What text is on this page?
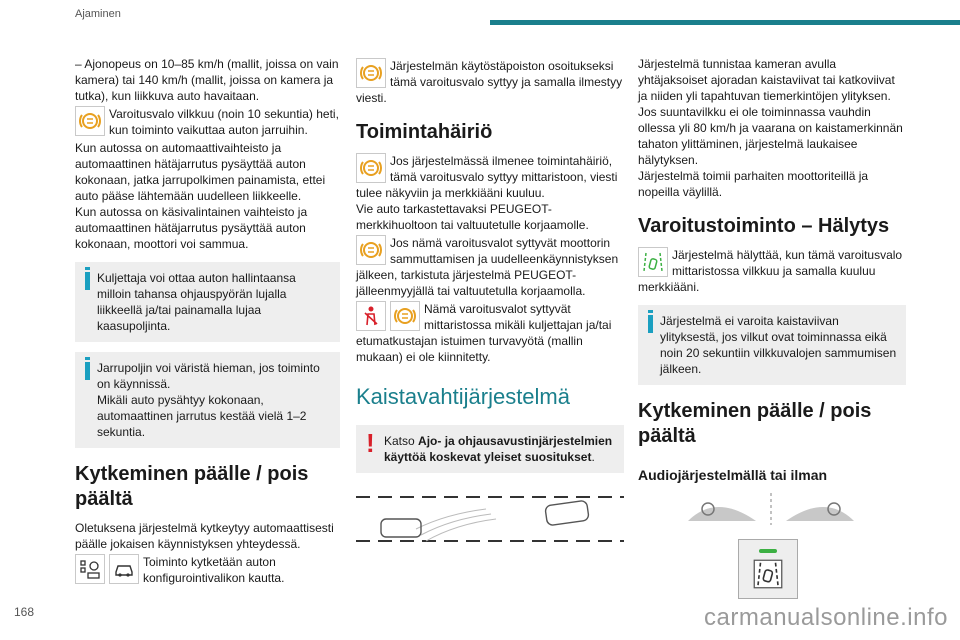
Ajaminen

– Ajonopeus on 10–85 km/h (mallit, joissa on vain kamera) tai 140 km/h (mallit, joissa on kamera ja tutka), kun liikkuva auto havaitaan.

Varoitusvalo vilkkuu (noin 10 sekuntia) heti, kun toiminto vaikuttaa auton jarruihin.

Kun autossa on automaattivaihteisto ja automaattinen hätäjarrutus pysäyttää auton kokonaan, jatka jarrupolkimen painamista, ettei auto pääse lähtemään uudelleen liikkeelle.

Kun autossa on käsivalintainen vaihteisto ja automaattinen hätäjarrutus pysäyttää auton kokonaan, moottori voi sammua.

Kuljettaja voi ottaa auton hallintaansa milloin tahansa ohjauspyörän lujalla liikkeellä ja/tai painamalla lujaa kaasupoljinta.
Jarrupoljin voi väristä hieman, jos toiminto on käynnissä.
Mikäli auto pysähtyy kokonaan, automaattinen jarrutus kestää vielä 1–2 sekuntia.
Kytkeminen päälle / pois päältä

Oletuksena järjestelmä kytkeytyy automaattisesti päälle jokaisen käynnistyksen yhteydessä.

Toiminto kytketään auton konfigurointivalikon kautta.
Järjestelmän käytöstäpoiston osoitukseksi tämä varoitusvalo syttyy ja samalla ilmestyy viesti.
Toimintahäiriö
Jos järjestelmässä ilmenee toimintahäiriö, tämä varoitusvalo syttyy mittaristoon, viesti tulee näkyviin ja merkkiääni kuuluu.

Vie auto tarkastettavaksi PEUGEOT-merkkihuoltoon tai valtuutetulle korjaamolle.

Jos nämä varoitusvalot syttyvät moottorin sammuttamisen ja uudelleenkäynnistyksen jälkeen, tarkistuta järjestelmä PEUGEOT-jälleenmyyjällä tai valtuutetulla korjaamolla.
Nämä varoitusvalot syttyvät mittaristossa mikäli kuljettajan ja/tai etumatkustajan istuimen turvavyötä (mallin mukaan) ei ole kiinnitetty.
Kaistavahtijärjestelmä
! Katso Ajo- ja ohjausavustinjärjestelmien käyttöä koskevat yleiset suositukset.

Järjestelmä tunnistaa kameran avulla yhtäjaksoiset ajoradan kaistaviivat tai katkoviivat ja niiden yli tapahtuvan tiemerkintöjen ylityksen.

Jos suuntavilkku ei ole toiminnassa vauhdin ollessa yli 80 km/h ja vaarana on kaistamerkinnän tahaton ylittäminen, järjestelmä laukaisee hälytyksen.

Järjestelmä toimii parhaiten moottoriteillä ja nopeilla väylillä.

Varoitustoiminto – Hälytys
Järjestelmä hälyttää, kun tämä varoitusvalo mittaristossa vilkkuu ja samalla kuuluu merkkiääni.
Järjestelmä ei varoita kaistaviivan ylityksestä, jos vilkut ovat toiminnassa eikä noin 20 sekuntiin vilkkuvalojen sammumisen jälkeen.
Kytkeminen päälle / pois päältä
Audiojärjestelmällä tai ilman
168	carmanualsonline.info
